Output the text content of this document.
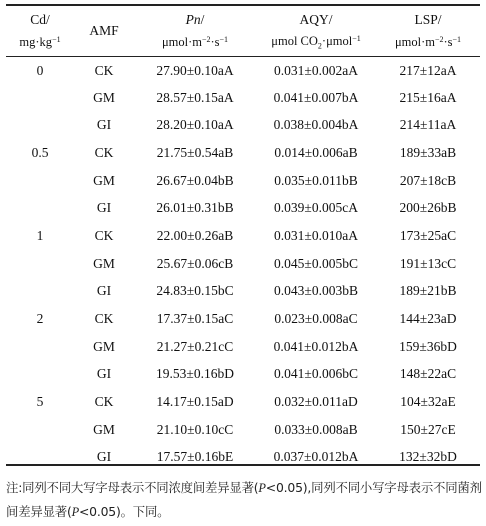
Cd/	AMF	Pn/	AQY/	LSP/
$mg\cdot kg^{-1}$		$\mu mol\cdot m^{-2}\cdot s^{-1}$	μmol $CO_2\cdot\mu mol^{-1}$	$\mu mol\cdot m^{-2}\cdot s^{-1}$
0	CK	27.90±0.10aA	0.031±0.002aA	217±12aA
	GM	28.57±0.15aA	0.041±0.007bA	215±16aA
	GI	28.20±0.10aA	0.038±0.004bA	214±11aA
0.5	CK	21.75±0.54aB	0.014±0.006aB	189±33aB
	GM	26.67±0.04bB	0.035±0.011bB	207±18cB
	GI	26.01±0.31bB	0.039±0.005cA	200±26bB
1	CK	22.00±0.26aB	0.031±0.010aA	173±25aC
	GM	25.67±0.06cB	0.045±0.005bC	191±13cC
	GI	24.83±0.15bC	0.043±0.003bB	189±21bB
2	CK	17.37±0.15aC	0.023±0.008aC	144±23aD
	GM	21.27±0.21cC	0.041±0.012bA	159±36bD
	GI	19.53±0.16bD	0.041±0.006bC	148±22aC
5	CK	14.17±0.15aD	0.032±0.011aD	104±32aE
	GM	21.10±0.10cC	0.033±0.008aB	150±27cE
	GI	17.57±0.16bE	0.037±0.012bA	132±32bD
注:同列不同大写字母表示不同浓度间差异显著(P<0.05),同列不同小写字母表示不同菌剂间差异显著(P<0.05)。下同。
